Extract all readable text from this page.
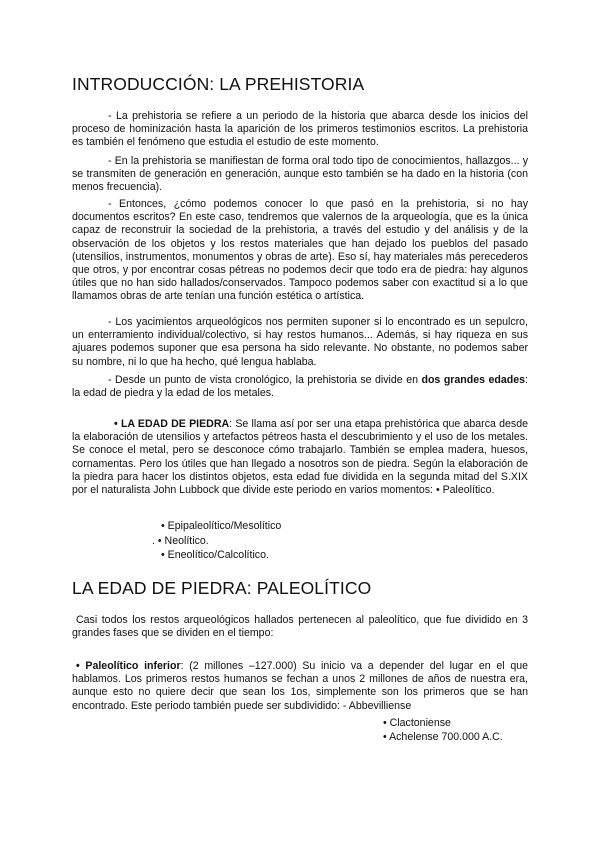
INTRODUCCIÓN: LA PREHISTORIA

- La prehistoria se refiere a un periodo de la historia que abarca desde los inicios del proceso de hominización hasta la aparición de los primeros testimonios escritos. La prehistoria es también el fenómeno que estudia el estudio de este momento.

- En la prehistoria se manifiestan de forma oral todo tipo de conocimientos, hallazgos... y se transmiten de generación en generación, aunque esto también se ha dado en la historia (con menos frecuencia).

- Entonces, ¿cómo podemos conocer lo que pasó en la prehistoria, si no hay documentos escritos? En este caso, tendremos que valernos de la arqueología, que es la única capaz de reconstruir la sociedad de la prehistoria, a través del estudio y del análisis y de la observación de los objetos y los restos materiales que han dejado los pueblos del pasado (utensilios, instrumentos, monumentos y obras de arte). Eso sí, hay materiales más perecederos que otros, y por encontrar cosas pétreas no podemos decir que todo era de piedra: hay algunos útiles que no han sido hallados/conservados. Tampoco podemos saber con exactitud si a lo que llamamos obras de arte tenían una función estética o artística.

- Los yacimientos arqueológicos nos permiten suponer si lo encontrado es un sepulcro, un enterramiento individual/colectivo, si hay restos humanos... Además, si hay riqueza en sus ajuares podemos suponer que esa persona ha sido relevante. No obstante, no podemos saber su nombre, ni lo que ha hecho, qué lengua hablaba.

- Desde un punto de vista cronológico, la prehistoria se divide en dos grandes edades: la edad de piedra y la edad de los metales.

• LA EDAD DE PIEDRA: Se llama así por ser una etapa prehistórica que abarca desde la elaboración de utensilios y artefactos pétreos hasta el descubrimiento y el uso de los metales. Se conoce el metal, pero se desconoce cómo trabajarlo. También se emplea madera, huesos, cornamentas. Pero los útiles que han llegado a nosotros son de piedra. Según la elaboración de la piedra para hacer los distintos objetos, esta edad fue dividida en la segunda mitad del S.XIX por el naturalista John Lubbock que divide este periodo en varios momentos: • Paleolítico.

• Epipaleolítico/Mesolítico

. • Neolítico.

• Eneolítico/Calcolítico.

LA EDAD DE PIEDRA: PALEOLÍTICO

Casi todos los restos arqueológicos hallados pertenecen al paleolítico, que fue dividido en 3 grandes fases que se dividen en el tiempo:

• Paleolítico inferior: (2 millones –127.000) Su inicio va a depender del lugar en el que hablamos. Los primeros restos humanos se fechan a unos 2 millones de años de nuestra era, aunque esto no quiere decir que sean los 1os, simplemente son los primeros que se han encontrado. Este periodo también puede ser subdividido: - Abbevilliense

• Clactoniense

• Achelense 700.000 A.C.
